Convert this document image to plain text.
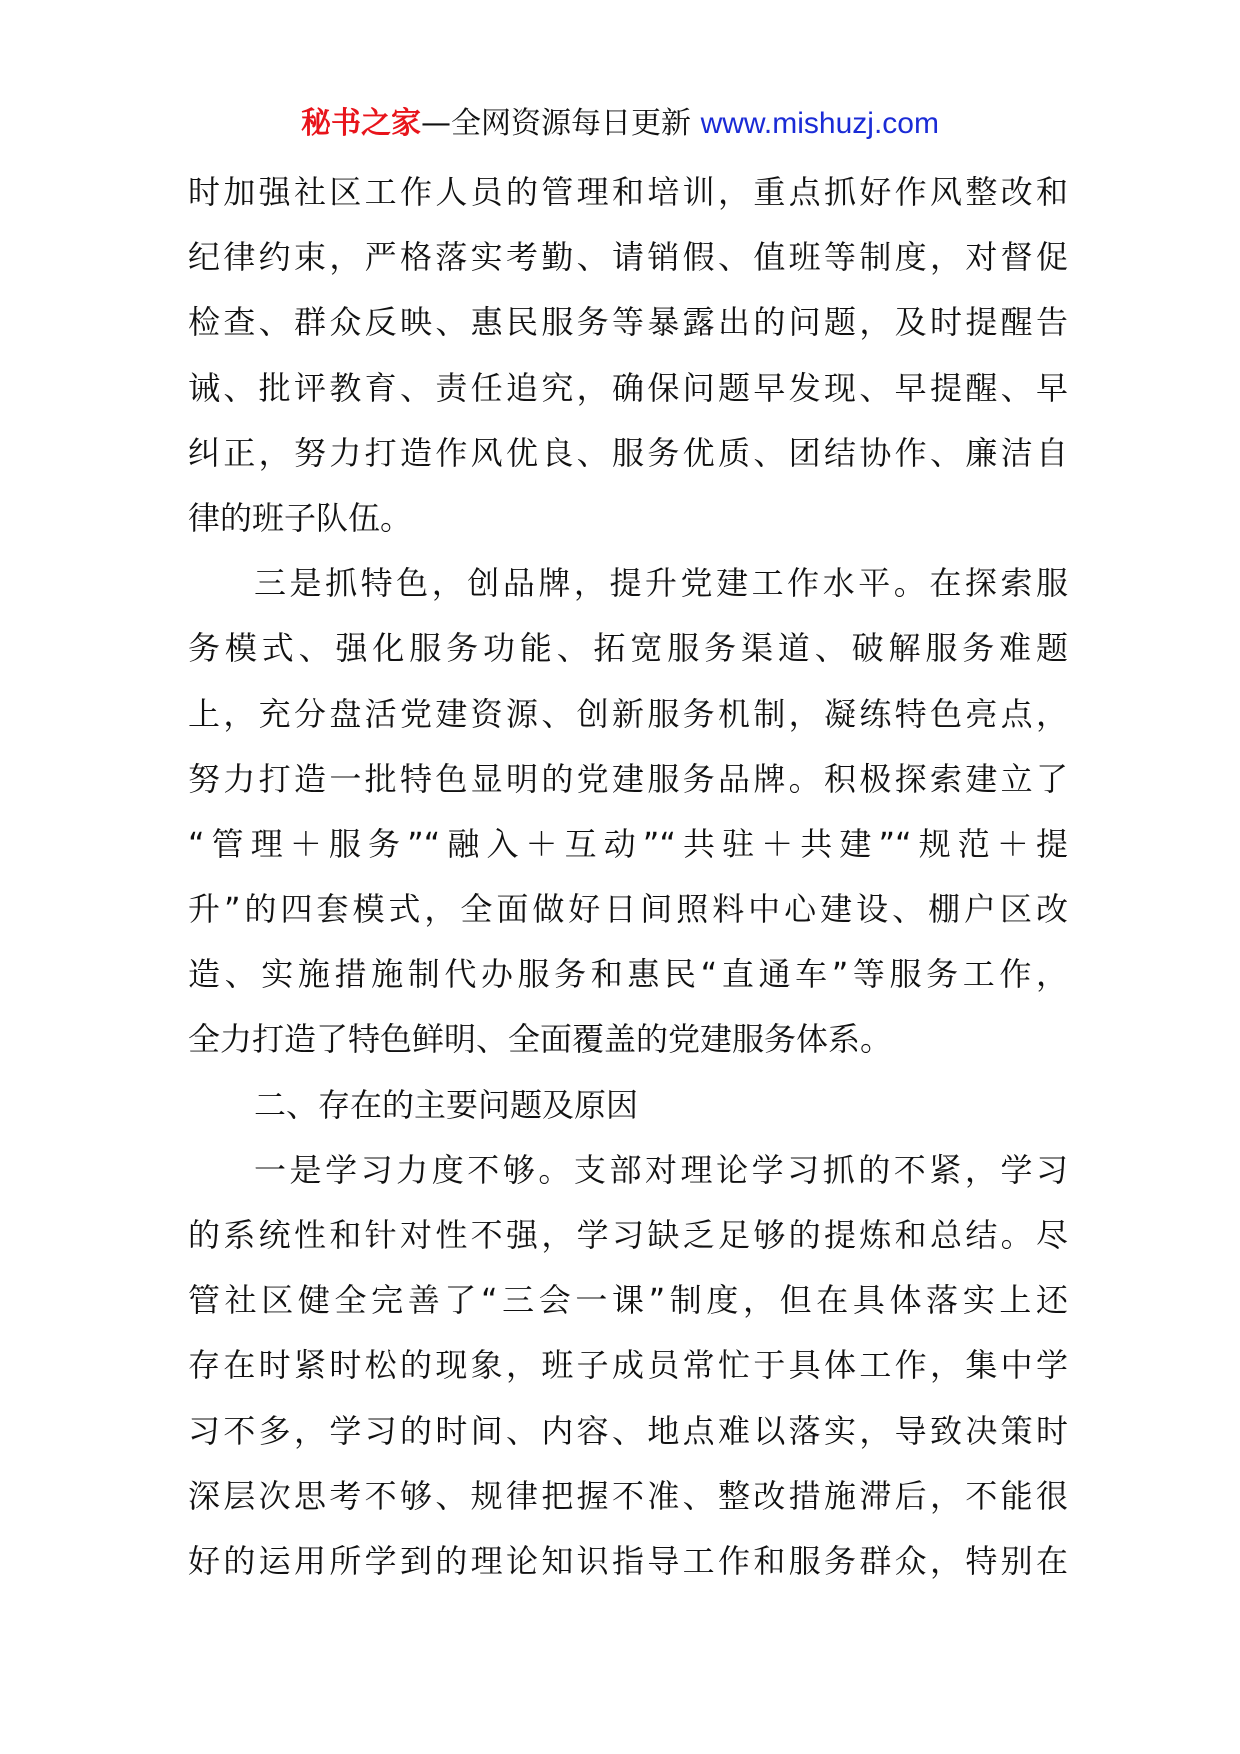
秘书之家—全网资源每日更新 www.mishuzj.com
时加强社区工作人员的管理和培训，重点抓好作风整改和
纪律约束，严格落实考勤、请销假、值班等制度，对督促
检查、群众反映、惠民服务等暴露出的问题，及时提醒告
诫、批评教育、责任追究，确保问题早发现、早提醒、早
纠正，努力打造作风优良、服务优质、团结协作、廉洁自
律的班子队伍。
三是抓特色，创品牌，提升党建工作水平。在探索服
务模式、强化服务功能、拓宽服务渠道、破解服务难题
上，充分盘活党建资源、创新服务机制，凝练特色亮点，
努力打造一批特色显明的党建服务品牌。积极探索建立了
“管理＋服务”“融入＋互动”“共驻＋共建”“规范＋提
升”的四套模式，全面做好日间照料中心建设、棚户区改
造、实施措施制代办服务和惠民“直通车”等服务工作，
全力打造了特色鲜明、全面覆盖的党建服务体系。
二、存在的主要问题及原因
一是学习力度不够。支部对理论学习抓的不紧，学习
的系统性和针对性不强，学习缺乏足够的提炼和总结。尽
管社区健全完善了“三会一课”制度，但在具体落实上还
存在时紧时松的现象，班子成员常忙于具体工作，集中学
习不多，学习的时间、内容、地点难以落实，导致决策时
深层次思考不够、规律把握不准、整改措施滞后，不能很
好的运用所学到的理论知识指导工作和服务群众，特别在
